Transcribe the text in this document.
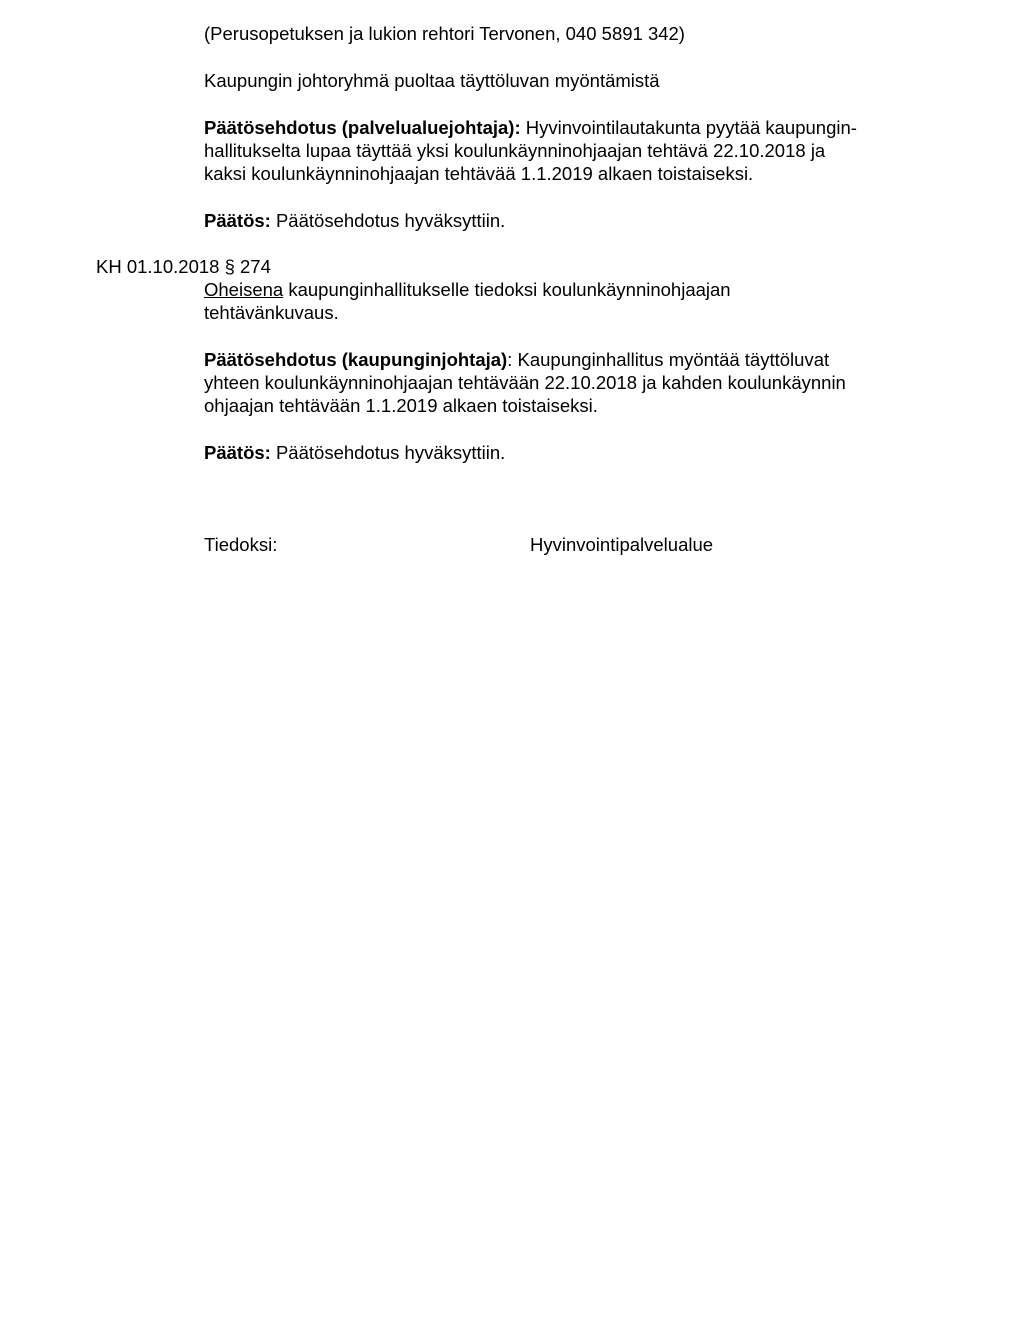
(Perusopetuksen ja lukion rehtori Tervonen, 040 5891 342)

Kaupungin johtoryhmä puoltaa täyttöluvan myöntämistä

Päätösehdotus (palvelualuejohtaja): Hyvinvointilautakunta pyytää kaupungin-
hallitukselta lupaa täyttää yksi koulunkäynninohjaajan tehtävä 22.10.2018 ja
kaksi koulunkäynninohjaajan tehtävää 1.1.2019 alkaen toistaiseksi.

Päätös: Päätösehdotus hyväksyttiin.

KH 01.10.2018 § 274

Oheisena kaupunginhallitukselle tiedoksi koulunkäynninohjaajan
tehtävänkuvaus.

Päätösehdotus (kaupunginjohtaja): Kaupunginhallitus myöntää täyttöluvat
yhteen koulunkäynninohjaajan tehtävään 22.10.2018 ja kahden koulunkäynnin
ohjaajan tehtävään 1.1.2019 alkaen toistaiseksi.

Päätös: Päätösehdotus hyväksyttiin.

Tiedoksi:	Hyvinvointipalvelualue
